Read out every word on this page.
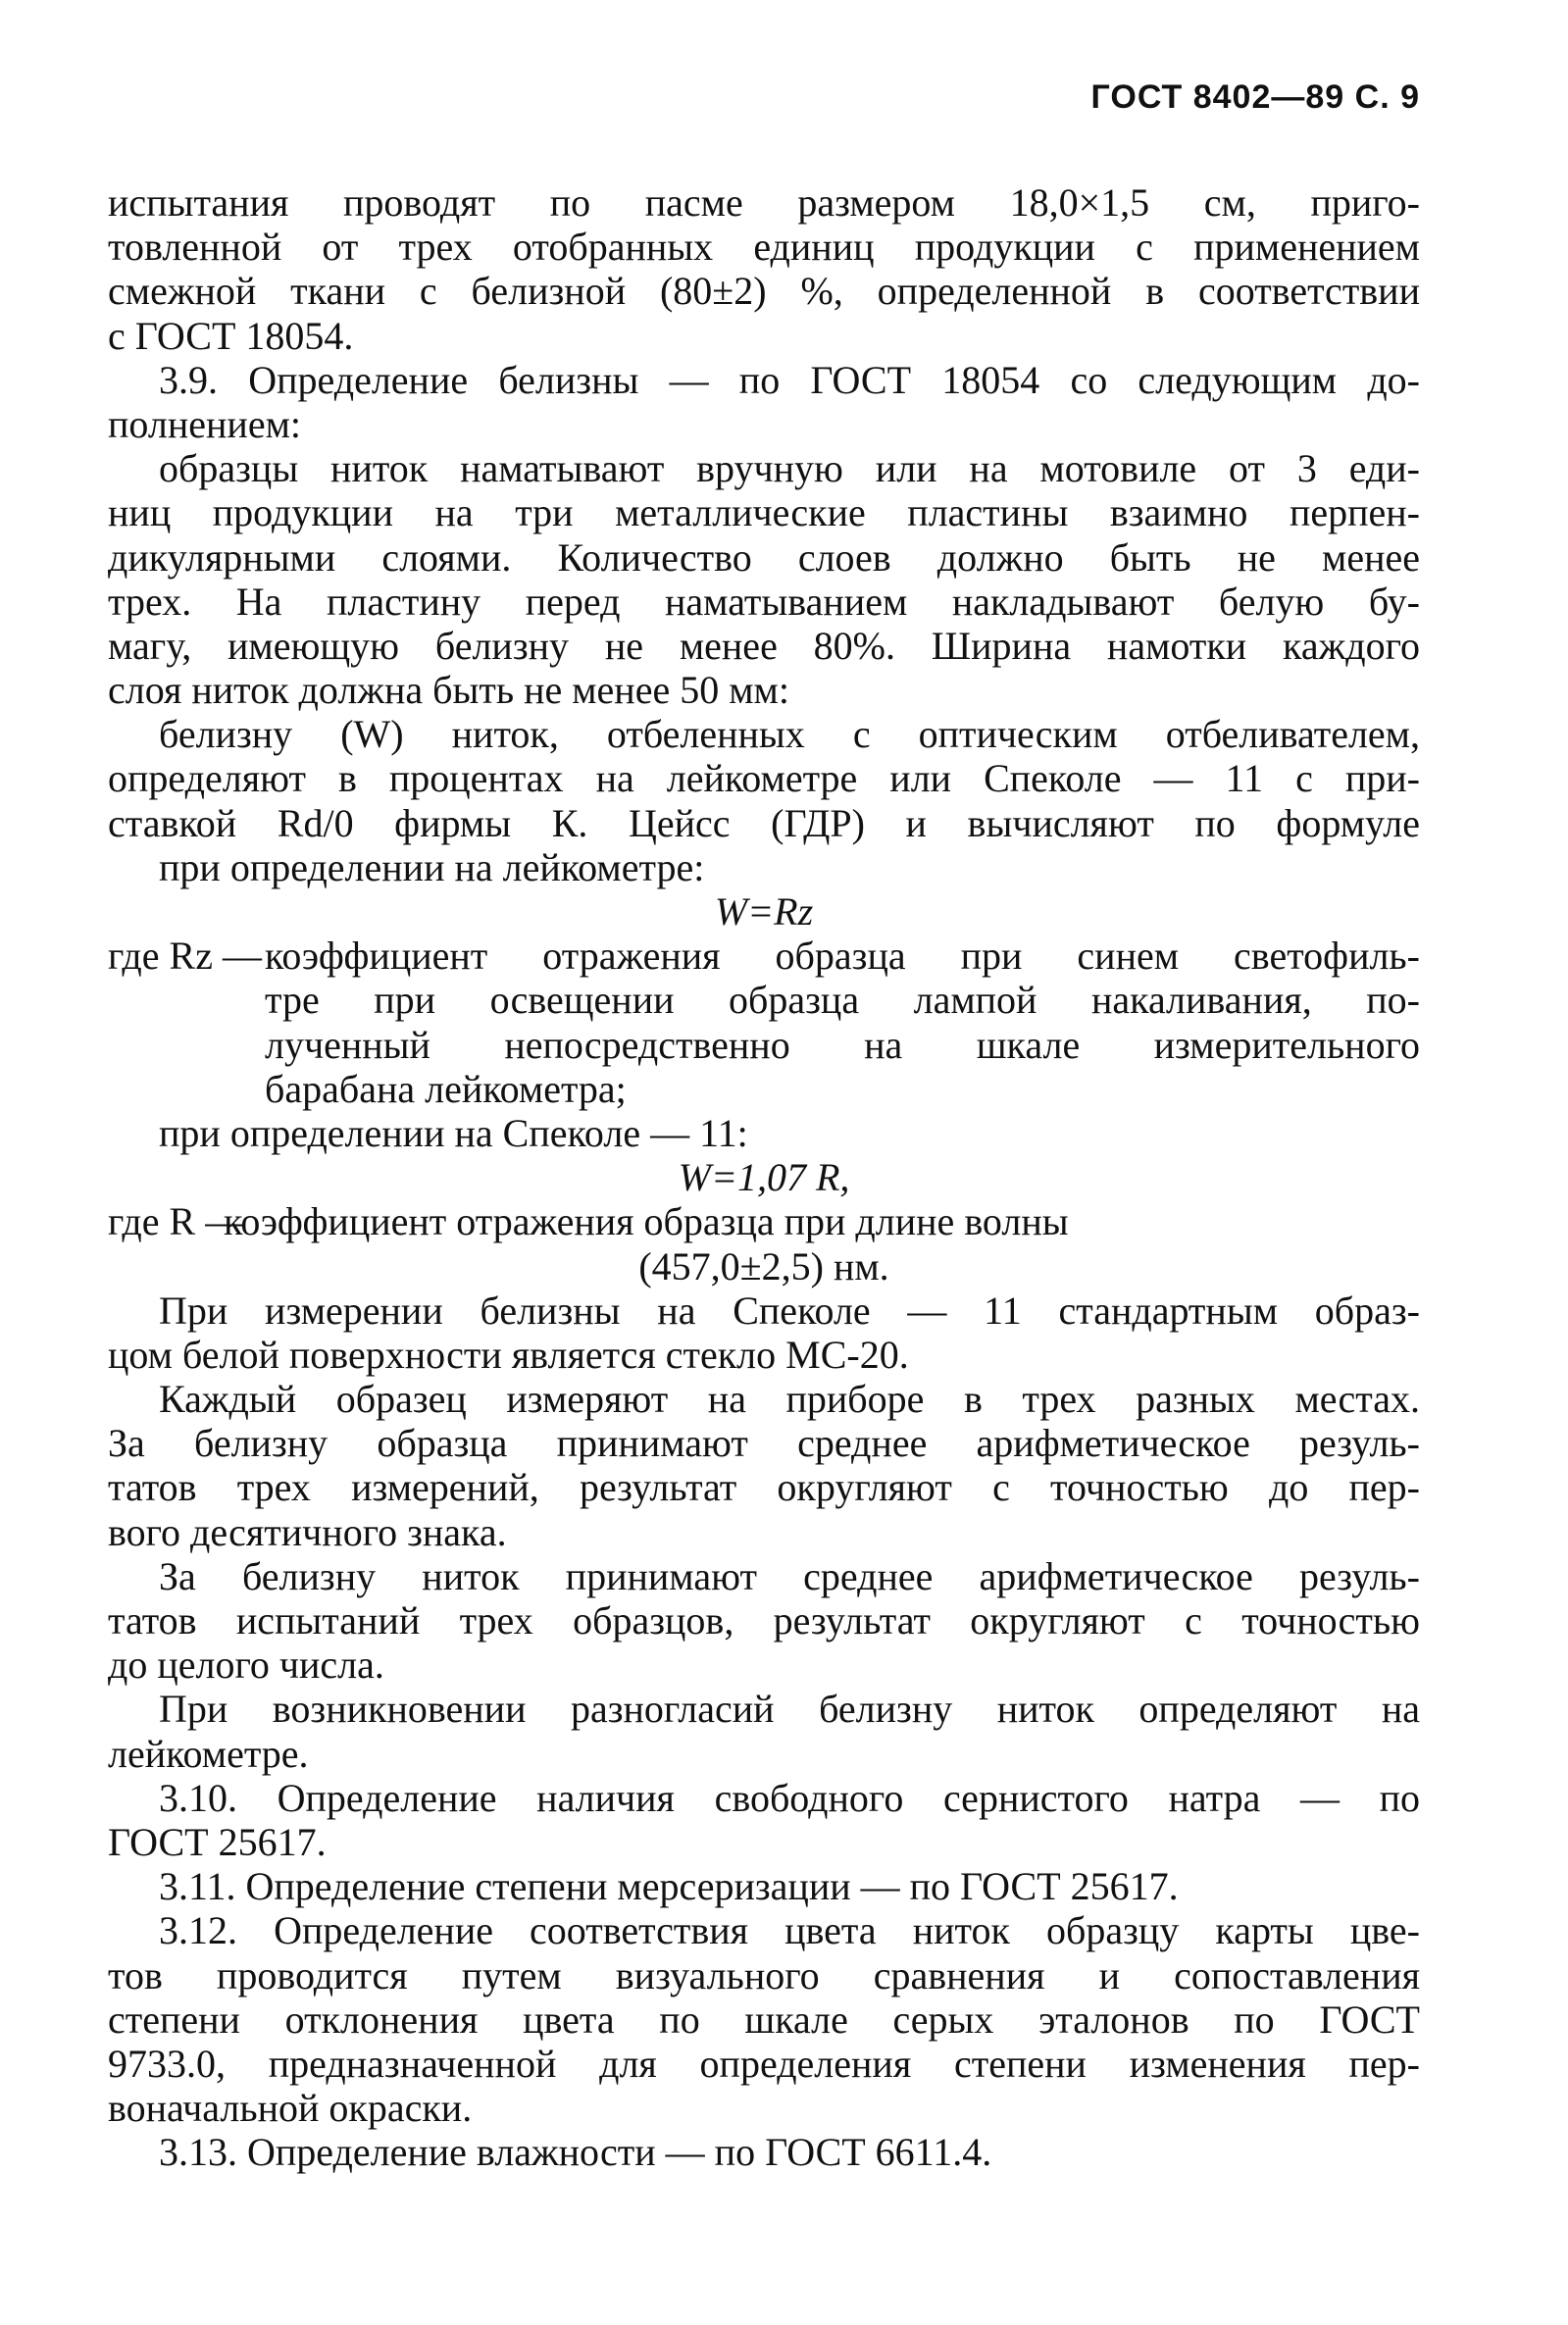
ГОСТ 8402—89 С. 9
испытания проводят по пасме размером 18,0×1,5 см, приго-
товленной от трех отобранных единиц продукции с применением
смежной ткани с белизной (80±2) %, определенной в соответствии
с ГОСТ 18054.
3.9. Определение белизны — по ГОСТ 18054 со следующим до-
полнением:
образцы ниток наматывают вручную или на мотовиле от 3 еди-
ниц продукции на три металлические пластины взаимно перпен-
дикулярными слоями. Количество слоев должно быть не менее
трех. На пластину перед наматыванием накладывают белую бу-
магу, имеющую белизну не менее 80%. Ширина намотки каждого
слоя ниток должна быть не менее 50 мм:
белизну (W) ниток, отбеленных с оптическим отбеливателем,
определяют в процентах на лейкометре или Спеколе — 11 с при-
ставкой Rd/0 фирмы К. Цейсс (ГДР) и вычисляют по формуле
при определении на лейкометре:
W=Rz
где Rz — коэффициент отражения образца при синем светофиль-
тре при освещении образца лампой накаливания, по-
лученный непосредственно на шкале измерительного
барабана лейкометра;
при определении на Спеколе — 11:
W=1,07 R,
где R —
коэффициент отражения образца при длине волны
(457,0±2,5) нм.
При измерении белизны на Спеколе — 11 стандартным образ-
цом белой поверхности является стекло МС-20.
Каждый образец измеряют на приборе в трех разных местах.
За белизну образца принимают среднее арифметическое резуль-
татов трех измерений, результат округляют с точностью до пер-
вого десятичного знака.
За белизну ниток принимают среднее арифметическое резуль-
татов испытаний трех образцов, результат округляют с точностью
до целого числа.
При возникновении разногласий белизну ниток определяют на
лейкометре.
3.10. Определение наличия свободного сернистого натра — по
ГОСТ 25617.
3.11. Определение степени мерсеризации — по ГОСТ 25617.
3.12. Определение соответствия цвета ниток образцу карты цве-
тов проводится путем визуального сравнения и сопоставления
степени отклонения цвета по шкале серых эталонов по ГОСТ
9733.0, предназначенной для определения степени изменения пер-
воначальной окраски.
3.13. Определение влажности — по ГОСТ 6611.4.
